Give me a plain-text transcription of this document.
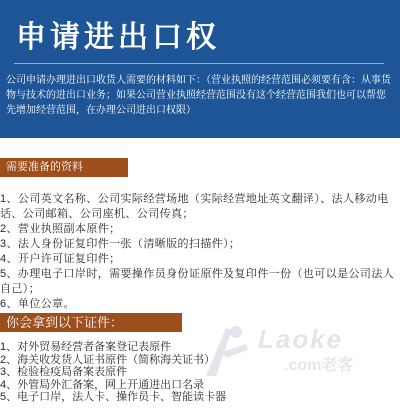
申请进出口权

公司申请办理进出口收货人需要的材料如下：（营业执照的经营范围必须要有含：从事货物与技术的进出口业务；如果公司营业执照经营范围没有这个经营范围我们也可以帮您先增加经营范围，在办理公司进出口权限）

需要准备的资料
1、公司英文名称、公司实际经营场地（实际经营地址英文翻译）、法人移动电话、公司邮箱、公司座机、公司传真；
2、营业执照副本原件；
3、法人身份证复印件一张（清晰版的扫描件）；
4、开户许可证复印件；
5、办理电子口岸时，需要操作员身份证原件及复印件一份（也可以是公司法人自己）；
6、单位公章。
Laoke
.com老客
你会拿到以下证件：
1、对外贸易经营者备案登记表原件
2、海关收发货人证书原件（简称海关证书）
3、检验检疫局备案表原件
4、外管局外汇备案，网上开通进出口名录
5、电子口岸，法人卡、操作员卡、智能读卡器
